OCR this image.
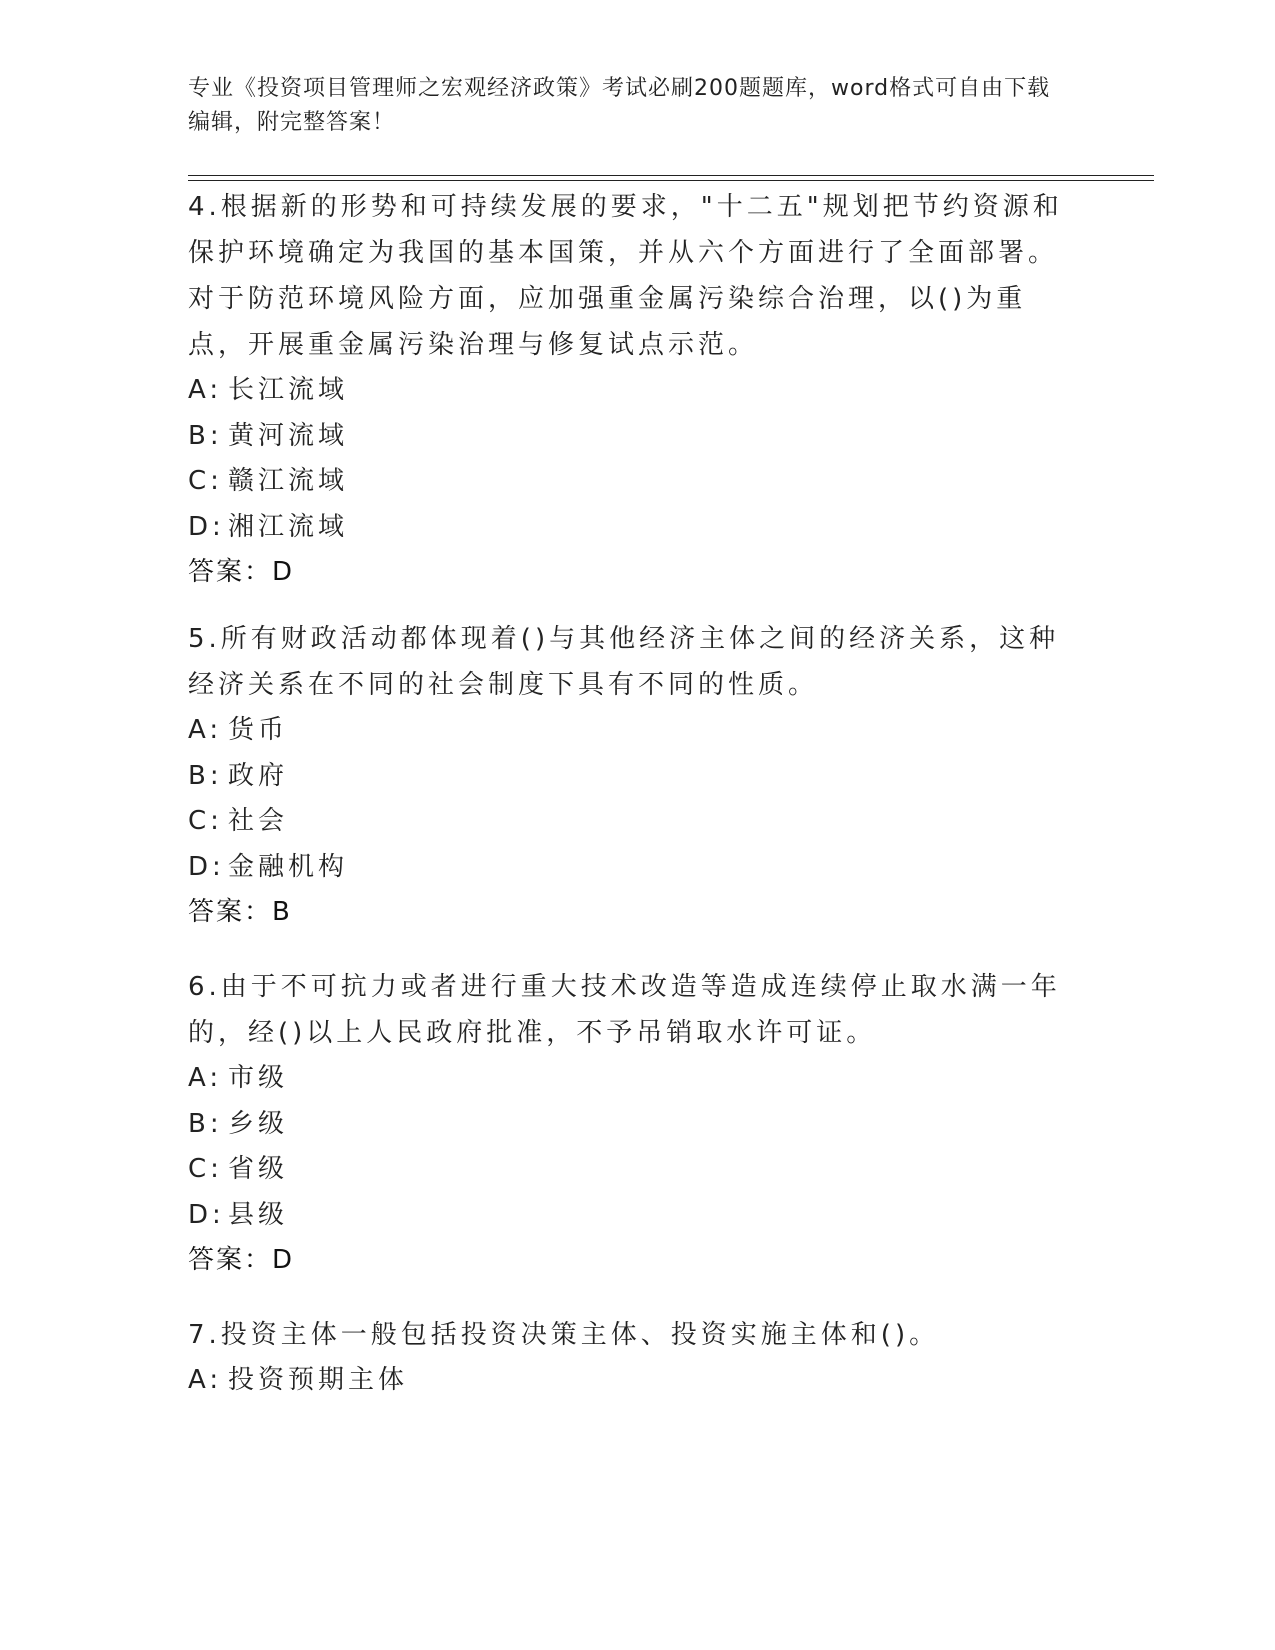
专业《投资项目管理师之宏观经济政策》考试必刷200题题库，word格式可自由下载编辑，附完整答案！

4.根据新的形势和可持续发展的要求，"十二五"规划把节约资源和保护环境确定为我国的基本国策，并从六个方面进行了全面部署。对于防范环境风险方面，应加强重金属污染综合治理，以()为重点，开展重金属污染治理与修复试点示范。

A: 长江流域

B: 黄河流域

C: 赣江流域

D: 湘江流域

答案：D

5.所有财政活动都体现着()与其他经济主体之间的经济关系，这种经济关系在不同的社会制度下具有不同的性质。

A: 货币

B: 政府

C: 社会

D: 金融机构

答案：B

6.由于不可抗力或者进行重大技术改造等造成连续停止取水满一年的，经()以上人民政府批准，不予吊销取水许可证。

A: 市级

B: 乡级

C: 省级

D: 县级

答案：D

7.投资主体一般包括投资决策主体、投资实施主体和()。

A: 投资预期主体
